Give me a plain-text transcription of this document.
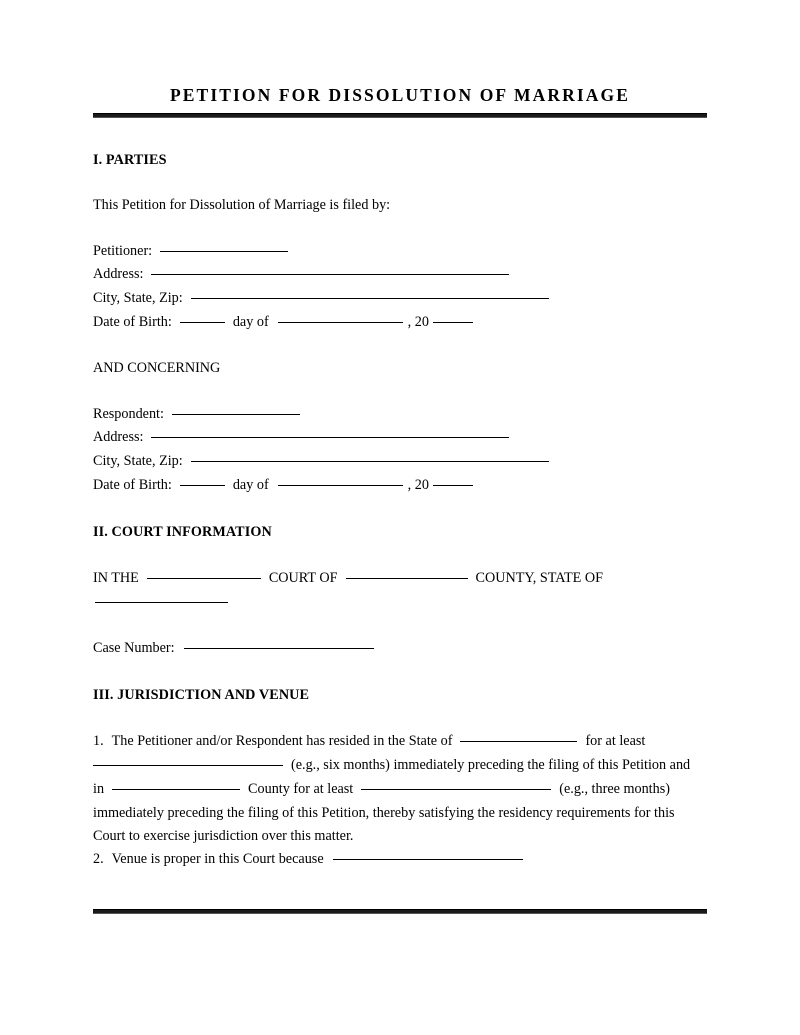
PETITION FOR DISSOLUTION OF MARRIAGE
I. PARTIES
This Petition for Dissolution of Marriage is filed by:
Petitioner:
Address:
City, State, Zip:
Date of Birth:	day of	, 20
AND CONCERNING
Respondent:
Address:
City, State, Zip:
Date of Birth:	day of	, 20
II. COURT INFORMATION
IN THE	COURT OF	COUNTY, STATE OF
Case Number:
III. JURISDICTION AND VENUE
1. The Petitioner and/or Respondent has resided in the State of	for at least
(e.g., six months) immediately preceding the filing of this Petition and
in	County for at least	(e.g., three months)
immediately preceding the filing of this Petition, thereby satisfying the residency requirements for this
Court to exercise jurisdiction over this matter.
2. Venue is proper in this Court because
